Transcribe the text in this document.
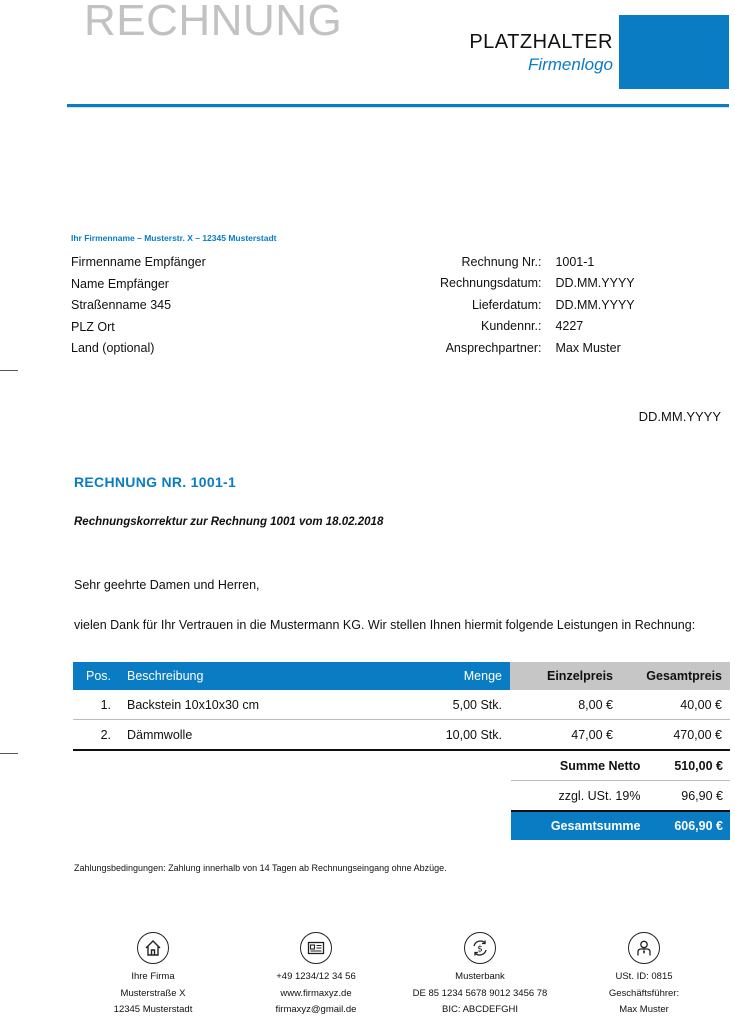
RECHNUNG	PLATZHALTER
Firmenlogo
Ihr Firmenname – Musterstr. X – 12345 Musterstadt
Firmenname Empfänger
Name Empfänger
Straßenname 345
PLZ Ort
Land (optional)
Rechnung Nr.:	1001-1
Rechnungsdatum:	DD.MM.YYYY
Lieferdatum:	DD.MM.YYYY
Kundennr.:	4227
Ansprechpartner:	Max Muster
DD.MM.YYYY
RECHNUNG NR. 1001-1
Rechnungskorrektur zur Rechnung 1001 vom 18.02.2018
Sehr geehrte Damen und Herren,
vielen Dank für Ihr Vertrauen in die Mustermann KG. Wir stellen Ihnen hiermit folgende Leistungen in Rechnung:
Pos.	Beschreibung	Menge	Einzelpreis	Gesamtpreis
1.	Backstein 10x10x30 cm	5,00 Stk.	8,00 €	40,00 €
2.	Dämmwolle	10,00 Stk.	47,00 €	470,00 €
Summe Netto	510,00 €
zzgl. USt. 19%	96,90 €
Gesamtsumme	606,90 €
Zahlungsbedingungen: Zahlung innerhalb von 14 Tagen ab Rechnungseingang ohne Abzüge.
Ihre Firma
Musterstraße X
12345 Musterstadt
+49 1234/12 34 56
www.firmaxyz.de
firmaxyz@gmail.de
$
Musterbank
DE 85 1234 5678 9012 3456 78
BIC: ABCDEFGHI
USt. ID: 0815
Geschäftsführer:
Max Muster
